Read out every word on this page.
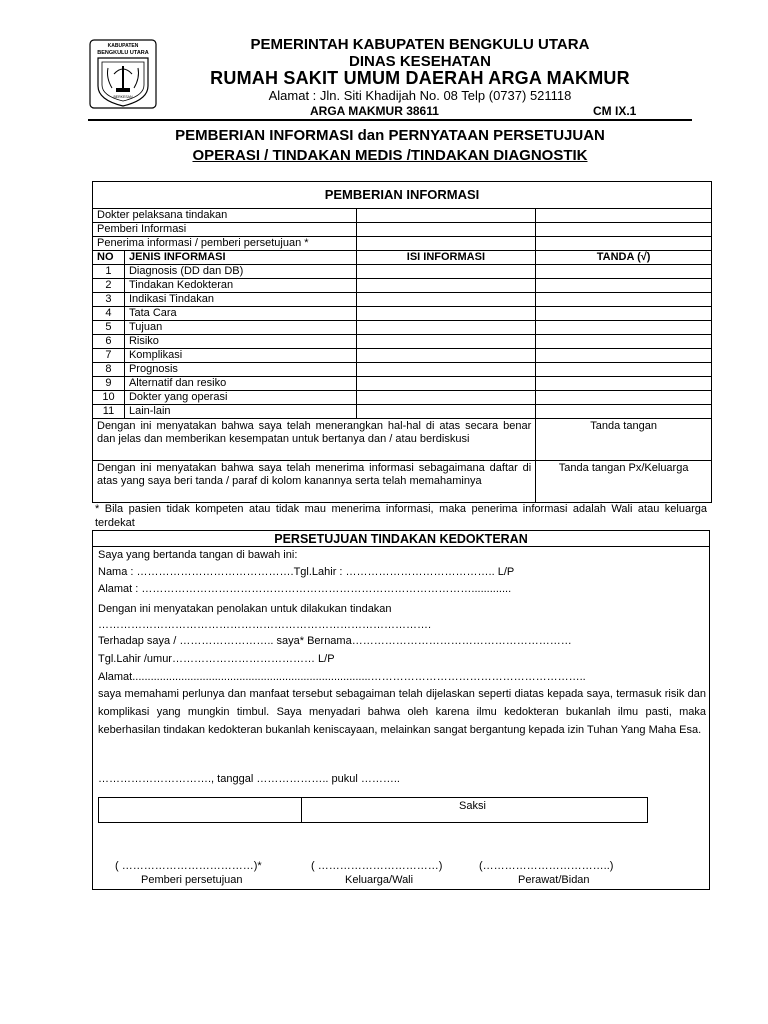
KABUPATEN
BENGKULU UTARA
BERKESAN
PEMERINTAH KABUPATEN BENGKULU UTARA
DINAS KESEHATAN
RUMAH SAKIT UMUM DAERAH ARGA MAKMUR
Alamat : Jln. Siti Khadijah No. 08 Telp (0737) 521118
ARGA MAKMUR 38611	CM IX.1
PEMBERIAN INFORMASI dan PERNYATAAN PERSETUJUAN
OPERASI / TINDAKAN MEDIS /TINDAKAN DIAGNOSTIK
PEMBERIAN INFORMASI			
Dokter pelaksana tindakan			
Pemberi Informasi			
Penerima informasi / pemberi persetujuan *			
NO	JENIS INFORMASI	ISI INFORMASI	TANDA (√)
1	Diagnosis (DD dan DB)		
2	Tindakan Kedokteran		
3	Indikasi Tindakan		
4	Tata Cara		
5	Tujuan		
6	Risiko		
7	Komplikasi		
8	Prognosis		
9	Alternatif dan resiko		
10	Dokter yang operasi		
11	Lain-lain		
Dengan ini menyatakan bahwa saya telah menerangkan hal-hal di atas secara benar dan jelas dan memberikan kesempatan untuk bertanya dan / atau berdiskusi			Tanda tangan
Dengan ini menyatakan bahwa saya telah menerima informasi sebagaimana daftar di atas yang saya beri tanda / paraf di kolom kanannya serta telah memahaminya			Tanda tangan Px/Keluarga
* Bila pasien tidak kompeten atau tidak mau menerima informasi, maka penerima informasi adalah Wali atau keluarga terdekat
PERSETUJUAN TINDAKAN KEDOKTERAN
Saya yang bertanda tangan di bawah ini:
Nama : …………………………………….Tgl.Lahir : ………………………………….. L/P
Alamat : ……………………………………………………………………………….............
Dengan ini menyatakan penolakan untuk dilakukan tindakan
……………………………………………………………………………….
Terhadap saya / …………………….. saya* Bernama……………………………………………………
Tgl.Lahir /umur………………………………… L/P
Alamat..............................................................................…………………………………………………..
saya memahami perlunya dan manfaat tersebut sebagaiman telah dijelaskan seperti diatas kepada saya, termasuk risik dan komplikasi yang mungkin timbul. Saya menyadari bahwa oleh karena ilmu kedokteran bukanlah ilmu pasti, maka keberhasilan tindakan kedokteran bukanlah keniscayaan, melainkan sangat bergantung kepada izin Tuhan Yang Maha Esa.
…………………………., tanggal ……………….. pukul ………..
Saksi
( ………………………………)*
Pemberi persetujuan
( ……………………………)
Keluarga/Wali
(……………………………..)
Perawat/Bidan
